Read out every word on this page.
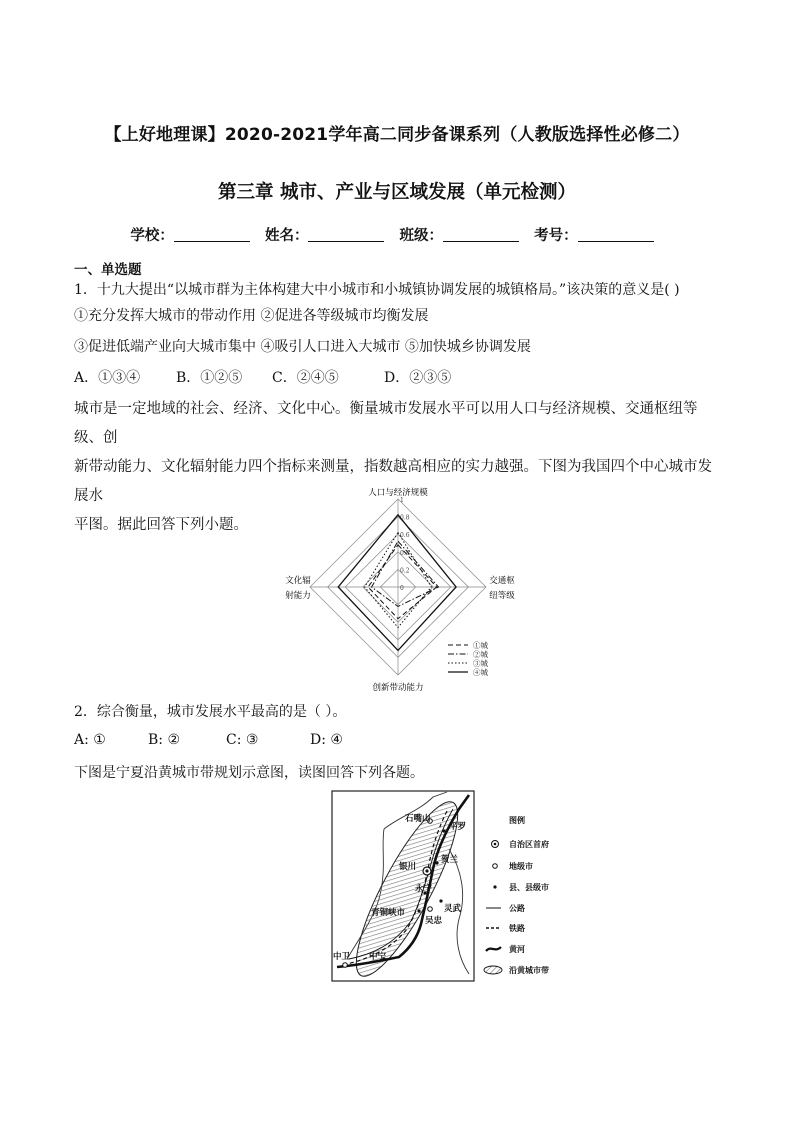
【上好地理课】2020-2021学年高二同步备课系列（人教版选择性必修二）
第三章 城市、产业与区域发展（单元检测）
学校：	姓名：	班级：	考号：
一、单选题
1．十九大提出“以城市群为主体构建大中小城市和小城镇协调发展的城镇格局。”该决策的意义是( )
①充分发挥大城市的带动作用 ②促进各等级城市均衡发展
③促进低端产业向大城市集中 ④吸引人口进入大城市 ⑤加快城乡协调发展
A．①③④	B．①②⑤ C．②④⑤	D．②③⑤
城市是一定地域的社会、经济、文化中心。衡量城市发展水平可以用人口与经济规模、交通枢纽等级、创
新带动能力、文化辐射能力四个指标来测量，指数越高相应的实力越强。下图为我国四个中心城市发展水
平图。据此回答下列小题。
人口与经济规模
文化辐
射能力
交通枢
纽等级
创新带动能力
1
0.8
0.6
0.4
0.2
0
①城
②城
③城
④城
2．综合衡量，城市发展水平最高的是（ ）。
A: ①	B: ②	C: ③	D: ④
下图是宁夏沿黄城市带规划示意图，读图回答下列各题。
石嘴山
平罗
银川
贺兰
永宁
灵武
青铜峡市
吴忠
中卫 中宁
图例
自治区首府
地级市
县、县级市
公路
铁路
黄河
沿黄城市带
